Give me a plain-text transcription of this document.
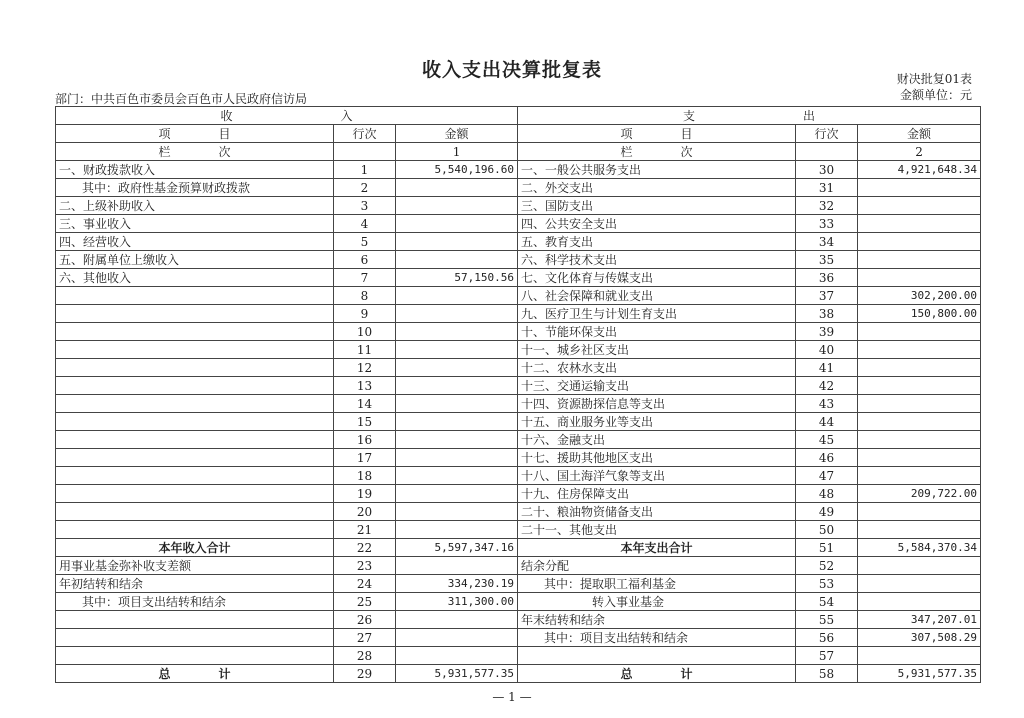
收入支出决算批复表	财决批复01表
部门：中共百色市委员会百色市人民政府信访局	金额单位：元
收　　　　　　　　　入			支　　　　　　　　　出		
项　　　　目	行次	金额	项　　　　目	行次	金额
栏　　　　次		1	栏　　　　次		2
一、财政拨款收入	1	5,540,196.60	一、一般公共服务支出	30	4,921,648.34
其中：政府性基金预算财政拨款	2		二、外交支出	31	
二、上级补助收入	3		三、国防支出	32	
三、事业收入	4		四、公共安全支出	33	
四、经营收入	5		五、教育支出	34	
五、附属单位上缴收入	6		六、科学技术支出	35	
六、其他收入	7	57,150.56	七、文化体育与传媒支出	36	
	8		八、社会保障和就业支出	37	302,200.00
	9		九、医疗卫生与计划生育支出	38	150,800.00
	10		十、节能环保支出	39	
	11		十一、城乡社区支出	40	
	12		十二、农林水支出	41	
	13		十三、交通运输支出	42	
	14		十四、资源勘探信息等支出	43	
	15		十五、商业服务业等支出	44	
	16		十六、金融支出	45	
	17		十七、援助其他地区支出	46	
	18		十八、国土海洋气象等支出	47	
	19		十九、住房保障支出	48	209,722.00
	20		二十、粮油物资储备支出	49	
	21		二十一、其他支出	50	
本年收入合计	22	5,597,347.16	本年支出合计	51	5,584,370.34
用事业基金弥补收支差额	23		结余分配	52	
年初结转和结余	24	334,230.19	其中：提取职工福利基金	53	
其中：项目支出结转和结余	25	311,300.00	转入事业基金	54	
	26		年末结转和结余	55	347,207.01
	27		其中：项目支出结转和结余	56	307,508.29
	28			57	
总　　　　计	29	5,931,577.35	总　　　　计	58	5,931,577.35
— 1 —
